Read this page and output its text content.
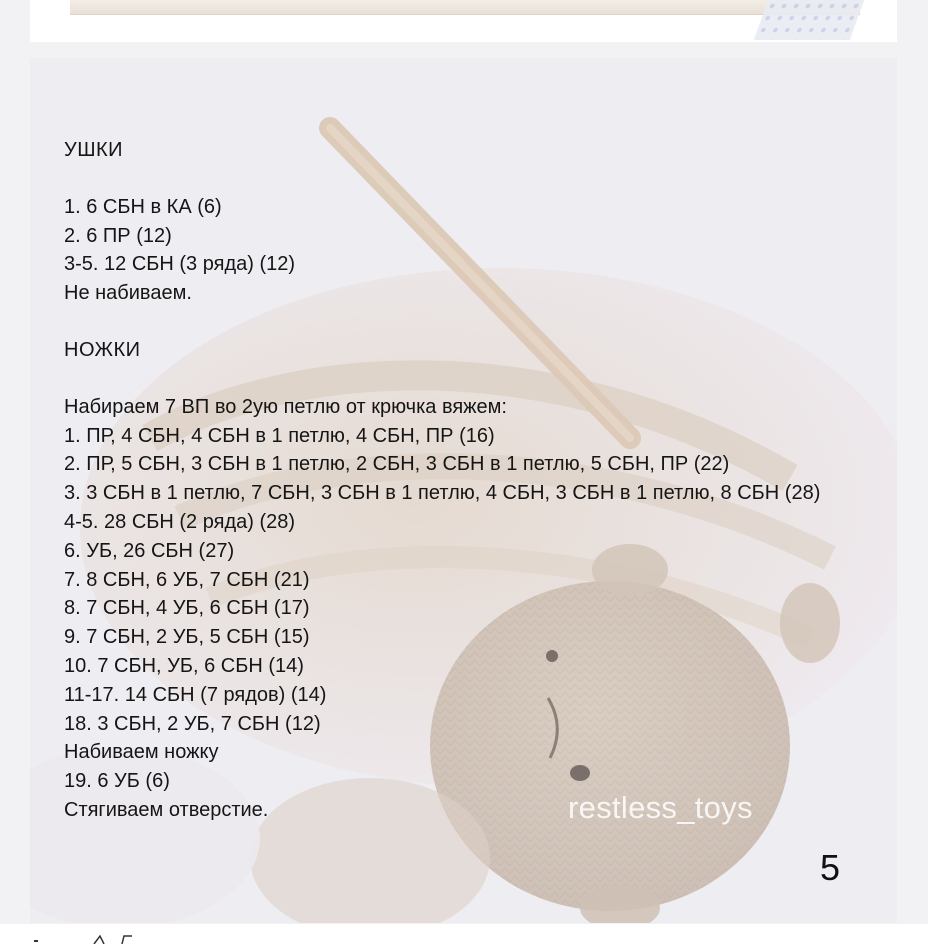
УШКИ
1. 6 СБН в КА (6)
2. 6 ПР (12)
3-5. 12 СБН (3 ряда) (12)
Не набиваем.
НОЖКИ
Набираем 7 ВП во 2ую петлю от крючка вяжем:
1. ПР, 4 СБН, 4 СБН в 1 петлю, 4 СБН, ПР (16)
2. ПР, 5 СБН, 3 СБН в 1 петлю, 2 СБН, 3 СБН в 1 петлю, 5 СБН, ПР (22)
3. 3 СБН в 1 петлю, 7 СБН, 3 СБН в 1 петлю, 4 СБН, 3 СБН в 1 петлю, 8 СБН (28)
4-5. 28 СБН (2 ряда) (28)
6. УБ, 26 СБН (27)
7. 8 СБН, 6 УБ, 7 СБН (21)
8. 7 СБН, 4 УБ, 6 СБН (17)
9. 7 СБН, 2 УБ, 5 СБН (15)
10. 7 СБН, УБ, 6 СБН (14)
11-17. 14 СБН (7 рядов) (14)
18. 3 СБН, 2 УБ, 7 СБН (12)
Набиваем ножку
19. 6 УБ (6)
Стягиваем отверстие.	restless_toys
5
